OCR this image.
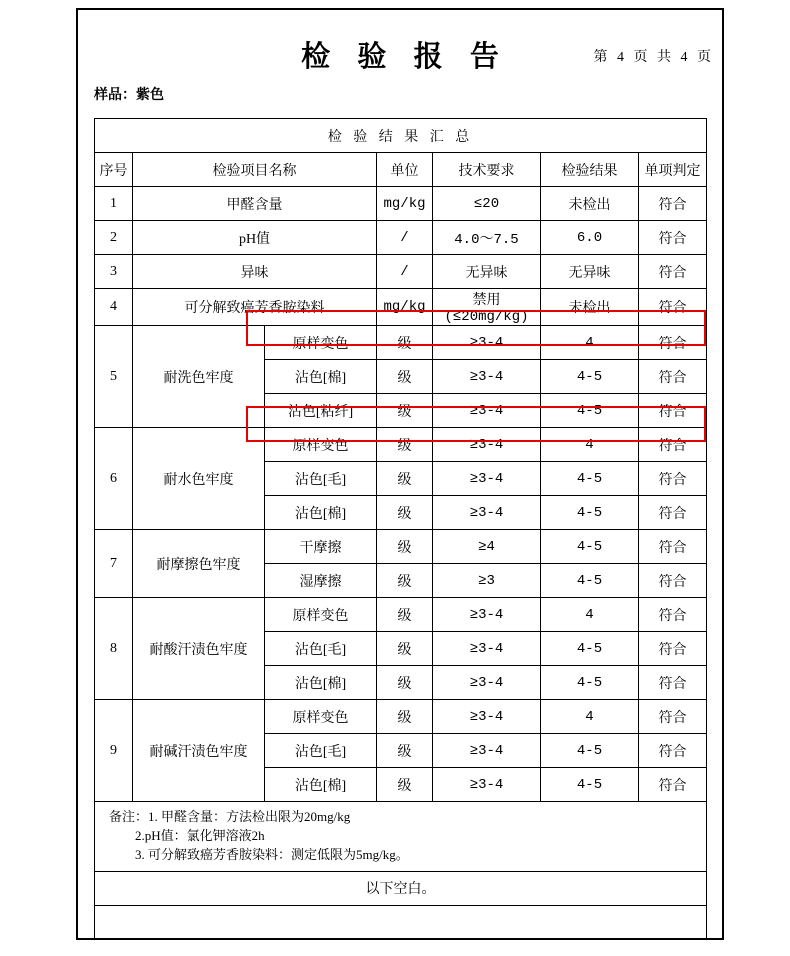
检 验 报 告	第 4 页 共 4 页
样品：紫色
检 验 结 果 汇 总						
序号	检验项目名称		单位	技术要求	检验结果	单项判定
1	甲醛含量		mg/kg	≤20	未检出	符合
2	pH值		/	4.0～7.5	6.0	符合
3	异味		/	无异味	无异味	符合
4	可分解致癌芳香胺染料		mg/kg	禁用(≤20mg/kg)	未检出	符合
5	耐洗色牢度	原样变色	级	≥3-4	4	符合
		沾色[棉]	级	≥3-4	4-5	符合
		沾色[粘纤]	级	≥3-4	4-5	符合
6	耐水色牢度	原样变色	级	≥3-4	4	符合
		沾色[毛]	级	≥3-4	4-5	符合
		沾色[棉]	级	≥3-4	4-5	符合
7	耐摩擦色牢度	干摩擦	级	≥4	4-5	符合
		湿摩擦	级	≥3	4-5	符合
8	耐酸汗渍色牢度	原样变色	级	≥3-4	4	符合
		沾色[毛]	级	≥3-4	4-5	符合
		沾色[棉]	级	≥3-4	4-5	符合
9	耐碱汗渍色牢度	原样变色	级	≥3-4	4	符合
		沾色[毛]	级	≥3-4	4-5	符合
		沾色[棉]	级	≥3-4	4-5	符合

备注：1. 甲醛含量：方法检出限为20mg/kg
2.pH值：氯化钾溶液2h
3. 可分解致癌芳香胺染料：测定低限为5mg/kg。						

以下空白。						
